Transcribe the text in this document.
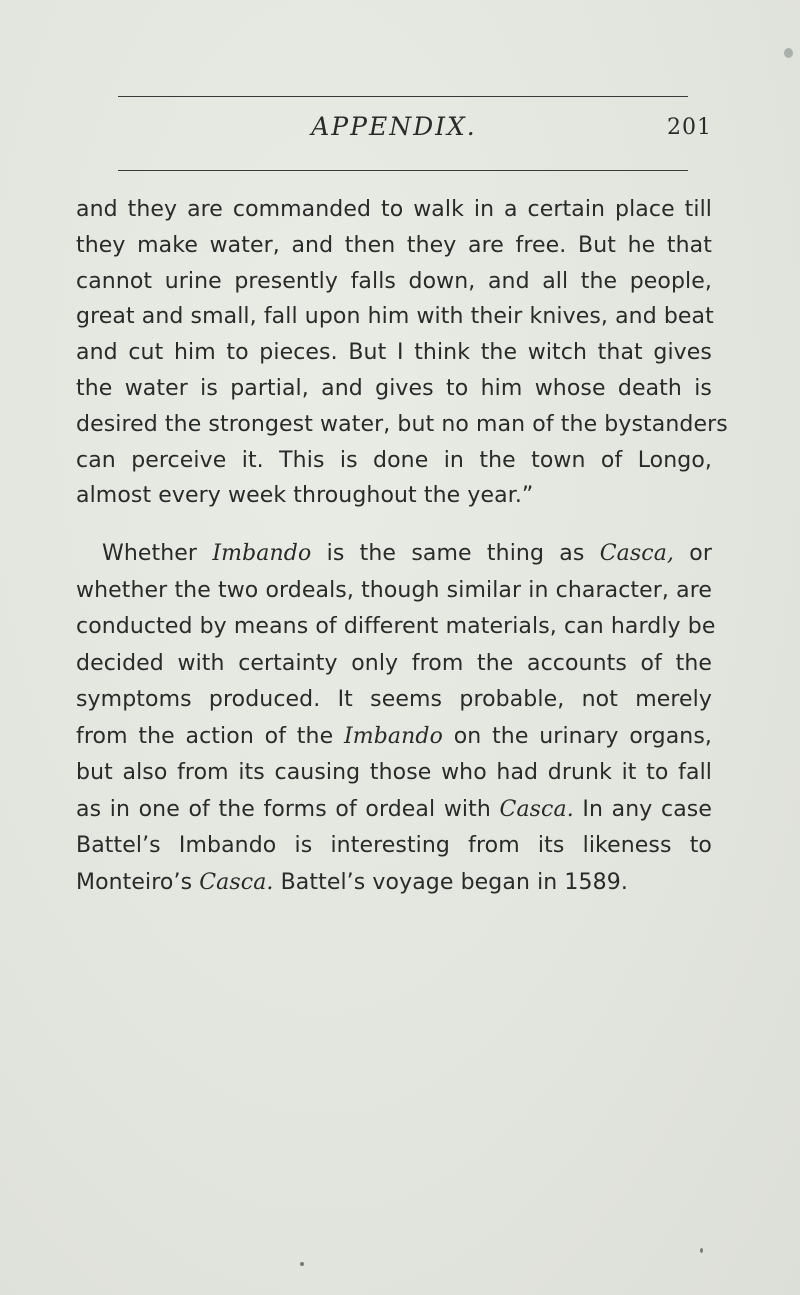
APPENDIX.	201
and they are commanded to walk in a certain place till
they make water, and then they are free. But he that
cannot urine presently falls down, and all the people,
great and small, fall upon him with their knives, and beat
and cut him to pieces. But I think the witch that gives
the water is partial, and gives to him whose death is
desired the strongest water, but no man of the bystanders
can perceive it. This is done in the town of Longo,
almost every week throughout the year.”
Whether Imbando is the same thing as Casca, or
whether the two ordeals, though similar in character, are
conducted by means of different materials, can hardly be
decided with certainty only from the accounts of the
symptoms produced. It seems probable, not merely
from the action of the Imbando on the urinary organs,
but also from its causing those who had drunk it to fall
as in one of the forms of ordeal with Casca. In any case
Battel’s Imbando is interesting from its likeness to
Monteiro’s Casca. Battel’s voyage began in 1589.
